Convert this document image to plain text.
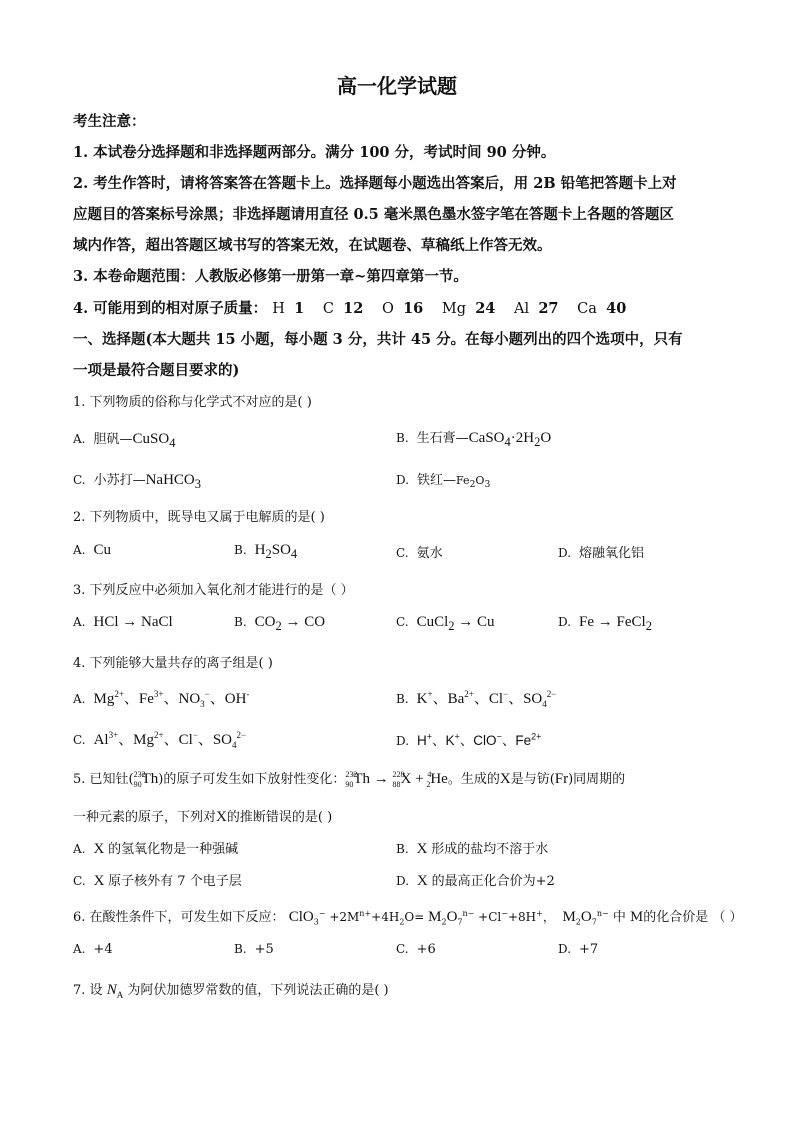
高一化学试题
考生注意：
1. 本试卷分选择题和非选择题两部分。满分 100 分，考试时间 90 分钟。
2. 考生作答时，请将答案答在答题卡上。选择题每小题选出答案后，用 2B 铅笔把答题卡上对
应题目的答案标号涂黑；非选择题请用直径 0.5 毫米黑色墨水签字笔在答题卡上各题的答题区
域内作答，超出答题区域书写的答案无效，在试题卷、草稿纸上作答无效。
3. 本卷命题范围：人教版必修第一册第一章~第四章第一节。
4. 可能用到的相对原子质量： H 1 C 12 O 16 Mg 24 Al 27 Ca 40
一、选择题(本大题共 15 小题，每小题 3 分，共计 45 分。在每小题列出的四个选项中，只有
一项是最符合题目要求的)
1. 下列物质的俗称与化学式不对应的是( )
A. 胆矾—CuSO$_4$	B. 生石膏$—CaSO_4\cdot 2H_2O$
C. 小苏打—NaHCO$_3$	D. 铁红$—Fe_2O_3$
2. 下列物质中，既导电又属于电解质的是( )
A. Cu	B. $H_2SO_4$	C. 氨水	D. 熔融氧化铝
3. 下列反应中必须加入氧化剂才能进行的是（ ）
A. HCl → NaCl	B. $CO_2$ → CO	C. CuCl$_2$ → Cu	D. Fe → FeCl$_2$
4. 下列能够大量共存的离子组是( )
A. $Mg^{2+}$、$Fe^{3+}$、$NO_3^-$、OH-	B. K+、$Ba^{2+}$、Cl−、$SO_4^{2-}$
C. $Al^{3+}$、$Mg^{2+}$、Cl−、$SO_4^{2-}$	D. H+、K+、ClO−、$Fe^{2+}$
5. 已知钍($^{232}_{90}$Th)的原子可发生如下放射性变化：$^{232}_{90}$Th → $^{228}_{88}$X + $^4_2$He。生成的X是与钫(Fr)同周期的
一种元素的原子，下列对X的推断错误的是( )
A. X 的氢氧化物是一种强碱	B. X 形成的盐均不溶于水
C. X 原子核外有 7 个电子层	D. X 的最高正化合价为+2
6. 在酸性条件下，可发生如下反应： $ClO_3^- +2M^{n+}+4H_2O= M_2O_7^{n-} +Cl^-+8H^+$，  $M_2O_7^{n-}$ 中 M的化合价是 （ ）
A. +4	B. +5	C. +6	D. +7
7. 设 $N_A$ 为阿伏加德罗常数的值，下列说法正确的是( )
